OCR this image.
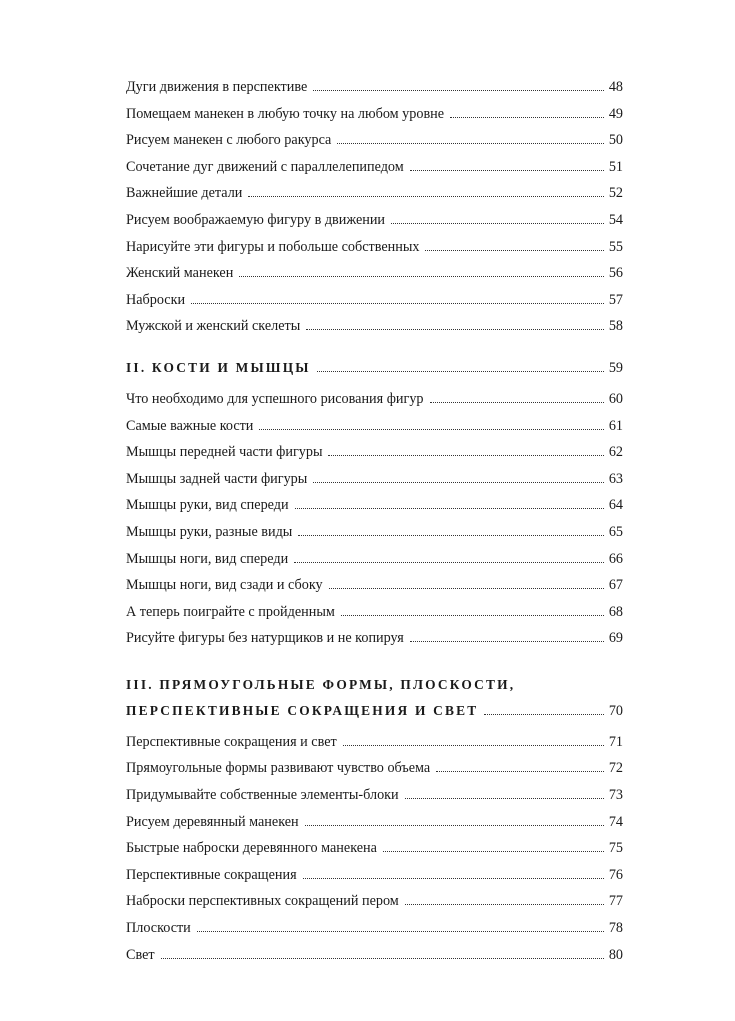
Дуги движения в перспективе	48
Помещаем манекен в любую точку на любом уровне	49
Рисуем манекен с любого ракурса	50
Сочетание дуг движений с параллелепипедом	51
Важнейшие детали	52
Рисуем воображаемую фигуру в движении	54
Нарисуйте эти фигуры и побольше собственных	55
Женский манекен	56
Наброски	57
Мужской и женский скелеты	58
II. КОСТИ И МЫШЦЫ	59
Что необходимо для успешного рисования фигур	60
Самые важные кости	61
Мышцы передней части фигуры	62
Мышцы задней части фигуры	63
Мышцы руки, вид спереди	64
Мышцы руки, разные виды	65
Мышцы ноги, вид спереди	66
Мышцы ноги, вид сзади и сбоку	67
А теперь поиграйте с пройденным	68
Рисуйте фигуры без натурщиков и не копируя	69
III. ПРЯМОУГОЛЬНЫЕ ФОРМЫ, ПЛОСКОСТИ,
ПЕРСПЕКТИВНЫЕ СОКРАЩЕНИЯ И СВЕТ	70
Перспективные сокращения и свет	71
Прямоугольные формы развивают чувство объема	72
Придумывайте собственные элементы-блоки	73
Рисуем деревянный манекен	74
Быстрые наброски деревянного манекена	75
Перспективные сокращения	76
Наброски перспективных сокращений пером	77
Плоскости	78
Свет	80
